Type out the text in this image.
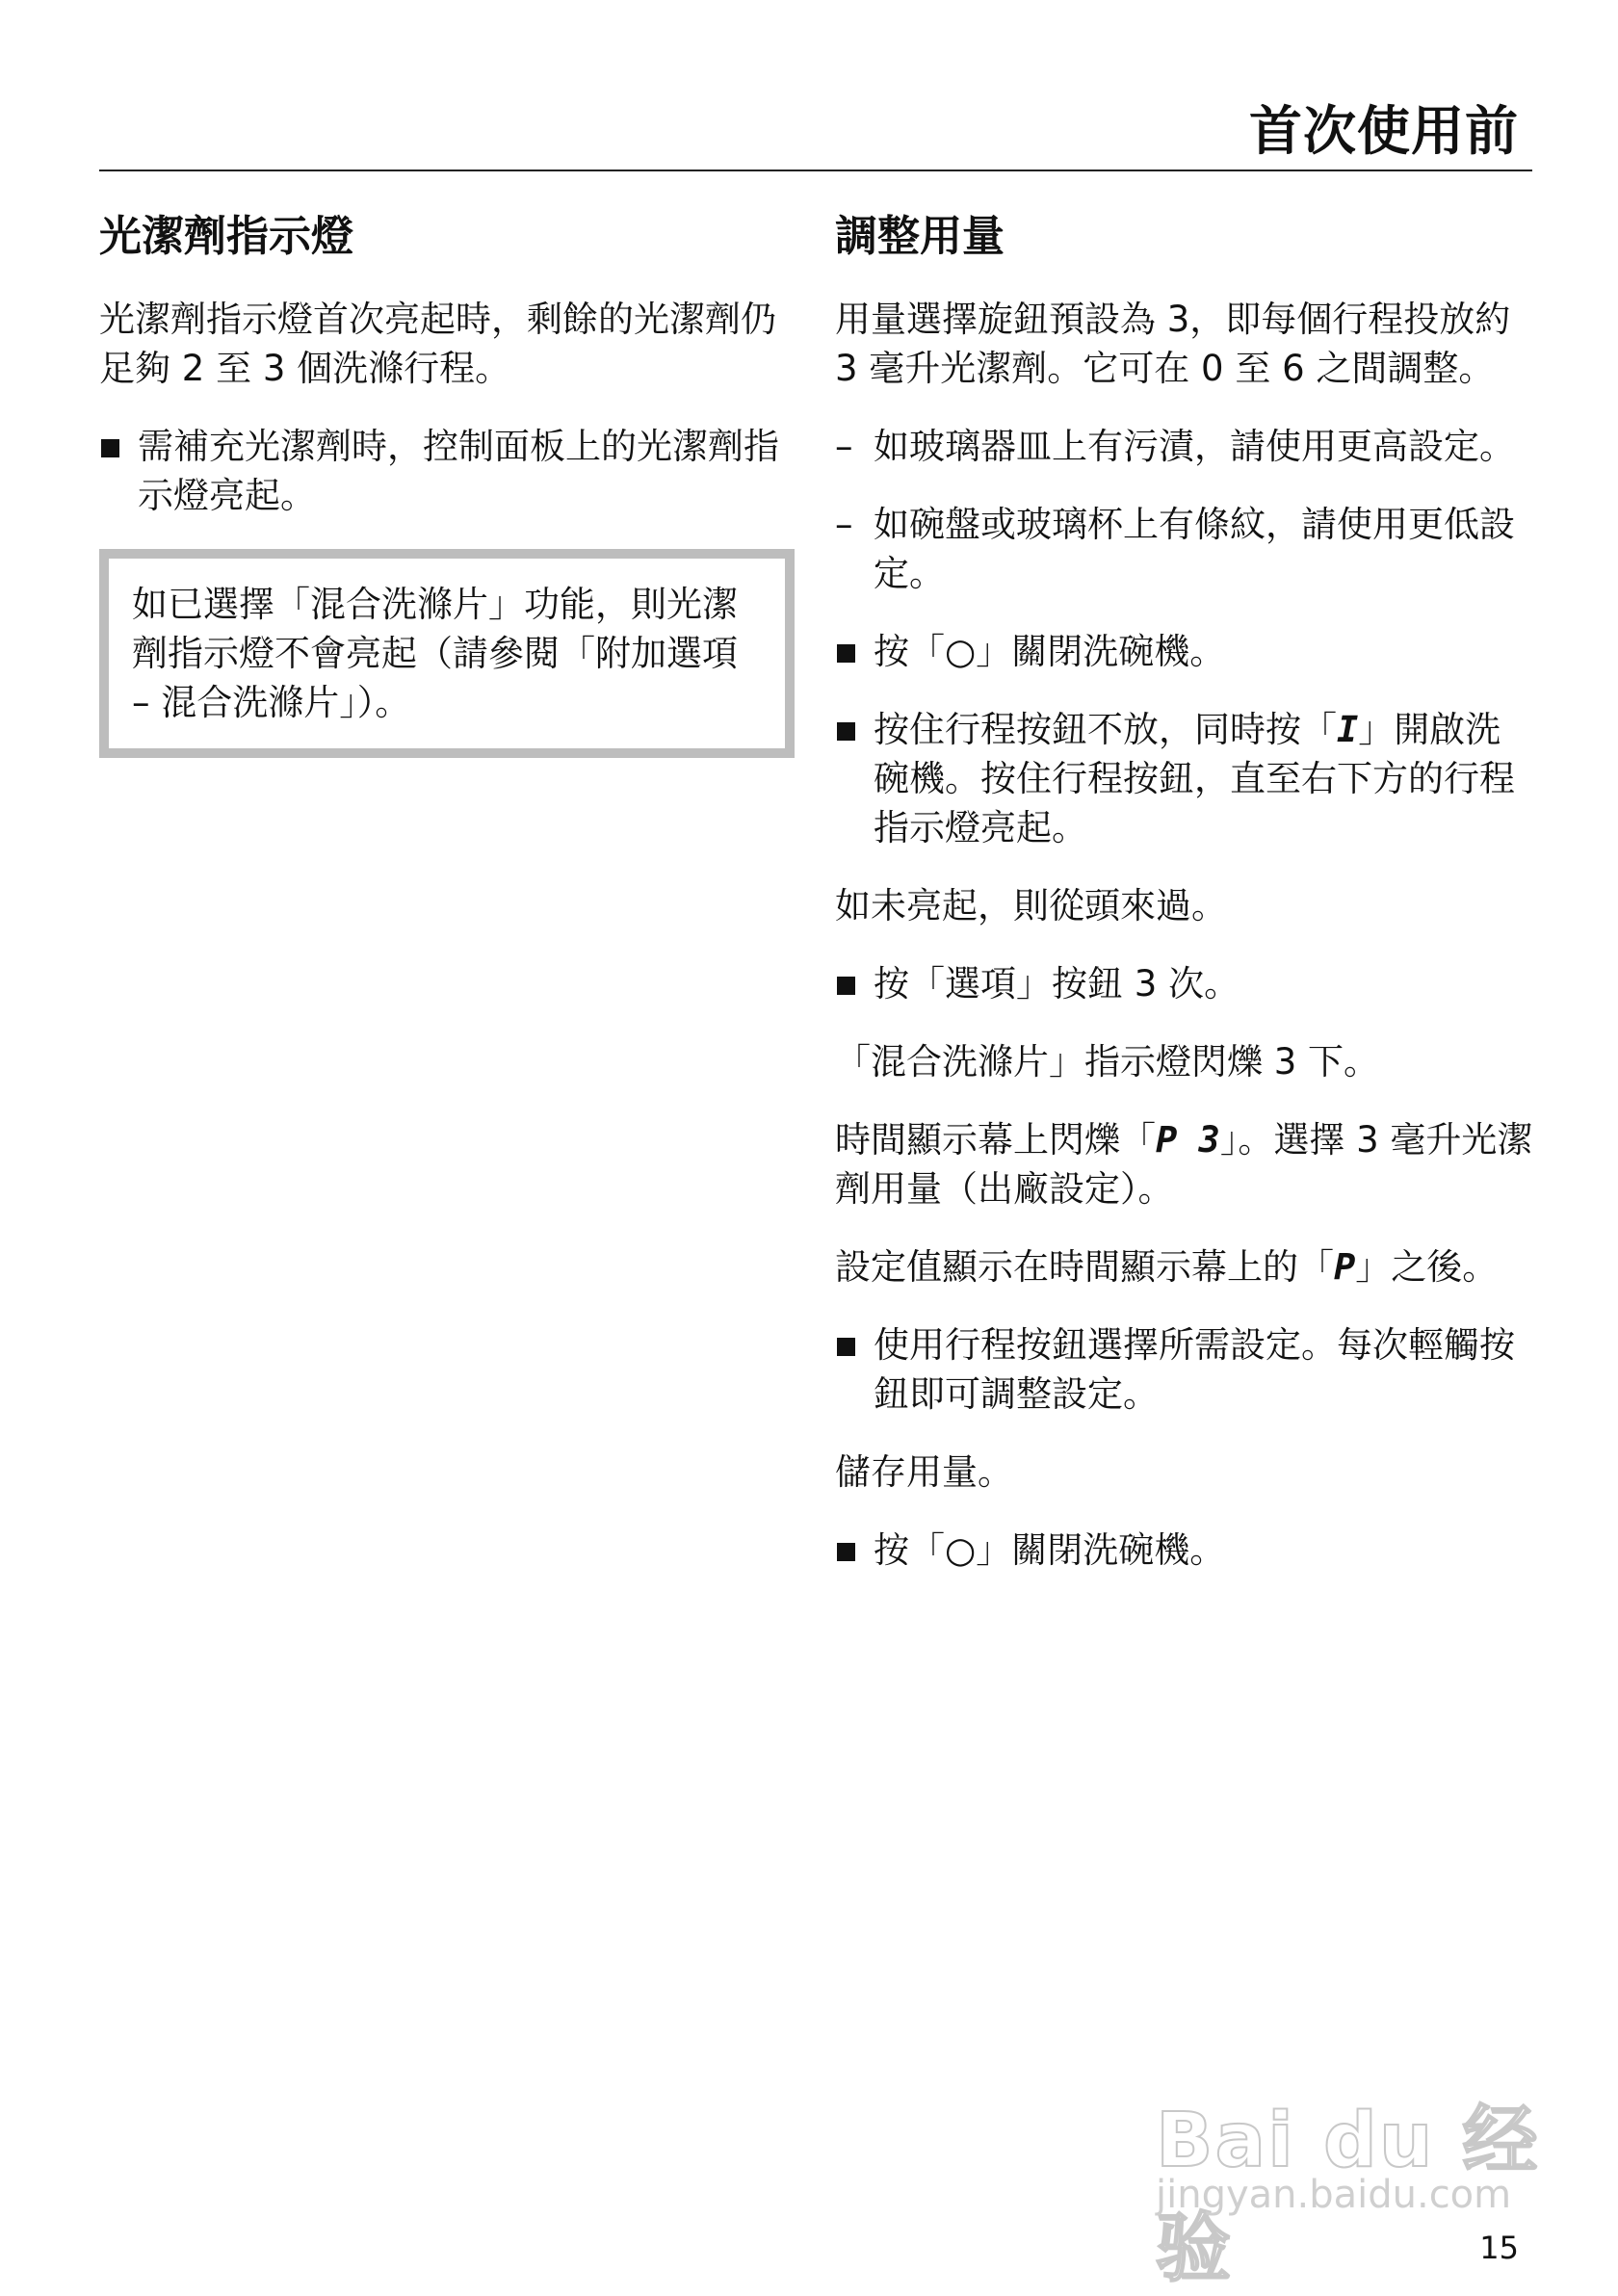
首次使用前
光潔劑指示燈

光潔劑指示燈首次亮起時，剩餘的光潔劑仍足夠 2 至 3 個洗滌行程。

需補充光潔劑時，控制面板上的光潔劑指示燈亮起。

如已選擇「混合洗滌片」功能，則光潔劑指示燈不會亮起（請參閱「附加選項 – 混合洗滌片」）。

調整用量

用量選擇旋鈕預設為 3，即每個行程投放約 3 毫升光潔劑。它可在 0 至 6 之間調整。

– 如玻璃器皿上有污漬，請使用更高設定。
– 如碗盤或玻璃杯上有條紋，請使用更低設定。
按「○」關閉洗碗機。
按住行程按鈕不放，同時按「I」開啟洗碗機。按住行程按鈕，直至右下方的行程指示燈亮起。

如未亮起，則從頭來過。

按「選項」按鈕 3 次。

「混合洗滌片」指示燈閃爍 3 下。

時間顯示幕上閃爍「P 3」。選擇 3 毫升光潔劑用量（出廠設定）。

設定值顯示在時間顯示幕上的「P」之後。

使用行程按鈕選擇所需設定。每次輕觸按鈕即可調整設定。

儲存用量。

按「○」關閉洗碗機。
Bai du 经验
jingyan.baidu.com
15
